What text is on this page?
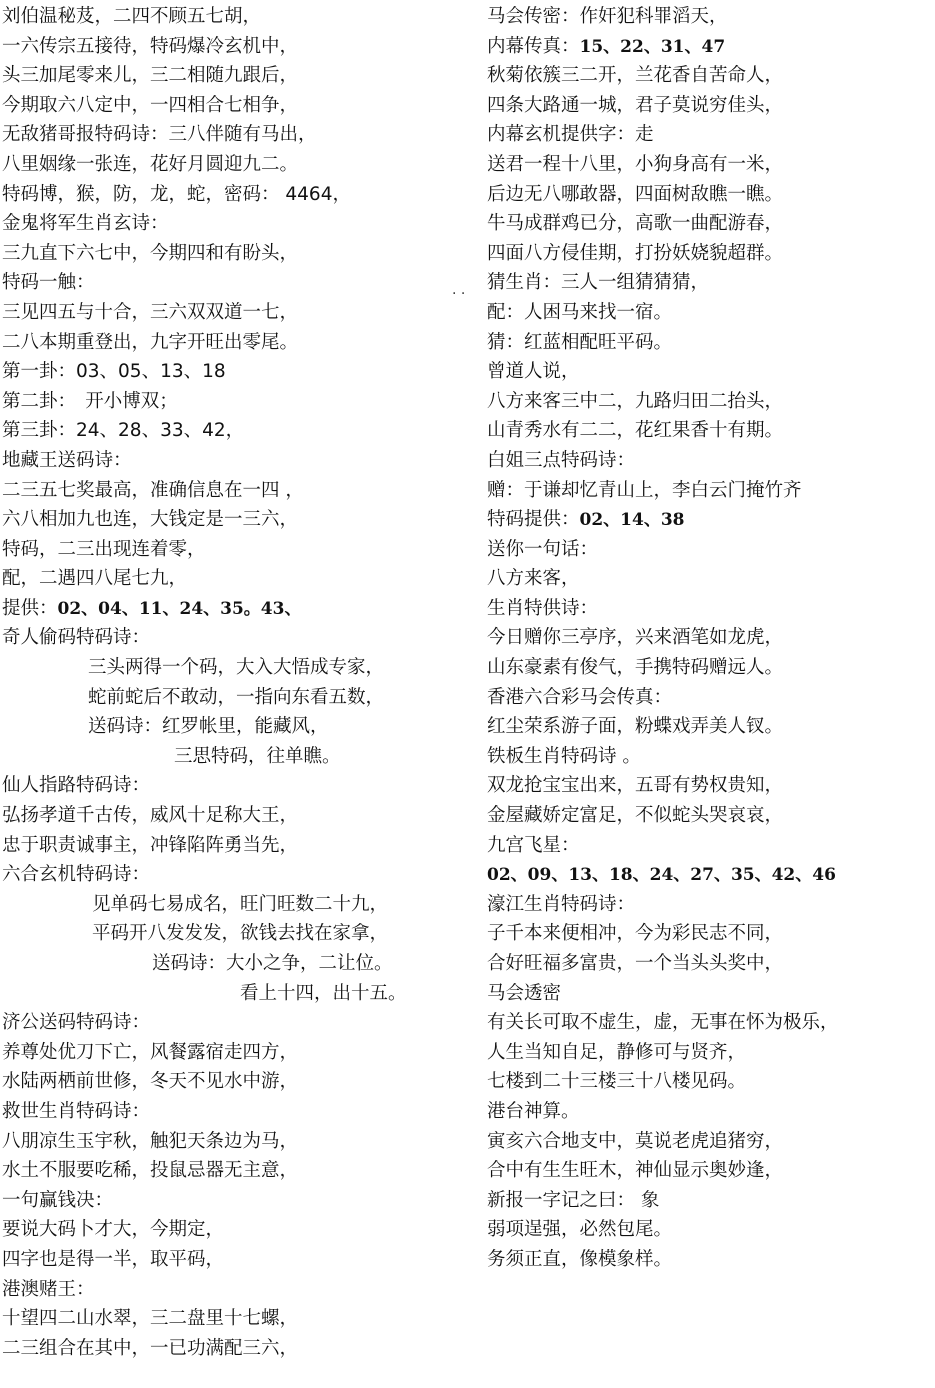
刘伯温秘芨，二四不顾五七胡，
一六传宗五接待，特码爆冷玄机中，
头三加尾零来儿，三二相随九跟后，
今期取六八定中，一四相合七相争，
无敌猪哥报特码诗：三八伴随有马出，
八里姻缘一张连，花好月圆迎九二。
特码博，猴，防，龙，蛇，密码： 4464，
金鬼将军生肖玄诗：
三九直下六七中，今期四和有盼头，
特码一触：
三见四五与十合，三六双双道一七，
二八本期重登出，九字开旺出零尾。
第一卦：03、05、13、18
第二卦：　开小博双；
第三卦：24、28、33、42，
地藏王送码诗：
二三五七奖最高，准确信息在一四 ，
六八相加九也连，大钱定是一三六，
特码，二三出现连着零，
配，二遇四八尾七九，
提供：02、04、11、24、35。43、
奇人偷码特码诗：
三头两得一个码，大入大悟成专家，
蛇前蛇后不敢动，一指向东看五数，
送码诗：红罗帐里，能藏风，
三思特码，往单瞧。
仙人指路特码诗：
弘扬孝道千古传，威风十足称大王，
忠于职责诚事主，冲锋陷阵勇当先，
六合玄机特码诗：
见单码七易成名，旺门旺数二十九，
平码开八发发发，欲钱去找在家拿，
送码诗：大小之争，二让位。
看上十四，出十五。
济公送码特码诗：
养尊处优刀下亡，风餐露宿走四方，
水陆两栖前世修，冬天不见水中游，
救世生肖特码诗：
八朋凉生玉宇秋，触犯天条边为马，
水土不服要吃稀，投鼠忌器无主意，
一句赢钱决：
要说大码卜才大，今期定，
四字也是得一半，取平码，
港澳赌王：
十望四二山水翠，三二盘里十七螺，
二三组合在其中，一已功满配三六，
马会传密：作奸犯科罪滔天，
内幕传真：15、22、31、47
秋菊依簇三二开，兰花香自苦命人，
四条大路通一城，君子莫说穷佳头，
内幕玄机提供字：走
送君一程十八里，小狗身高有一米，
后边无八哪敢器，四面树敌瞧一瞧。
牛马成群鸡已分，高歌一曲配游春，
四面八方侵佳期，打扮妖娆貌超群。
猜生肖：三人一组猜猜猜，
配：人困马来找一宿。
猜：红蓝相配旺平码。
曾道人说，
八方来客三中二，九路归田二抬头，
山青秀水有二二，花红果香十有期。
白姐三点特码诗：
赠：于谦却忆青山上，李白云门掩竹齐
特码提供：02、14、38
送你一句话：
八方来客，
生肖特供诗：
今日赠你三亭序，兴来酒笔如龙虎，
山东豪素有俊气，手携特码赠远人。
香港六合彩马会传真：
红尘荣系游子面，粉蝶戏弄美人钗。
铁板生肖特码诗 。
双龙抢宝宝出来，五哥有势权贵知，
金屋藏娇定富足，不似蛇头哭哀哀，
九宫飞星：
02、09、13、18、24、27、35、42、46
濠江生肖特码诗：
子千本来便相冲，今为彩民志不同，
合好旺福多富贵，一个当头头奖中，
马会透密
有关长可取不虚生，虚，无事在怀为极乐，
人生当知自足，静修可与贤齐，
七楼到二十三楼三十八楼见码。
港台神算。
寅亥六合地支中，莫说老虎追猪穷，
合中有生生旺木，神仙显示奥妙逢，
新报一字记之曰： 象
弱项逞强，必然包尾。
务须正直，像模象样。
. .
